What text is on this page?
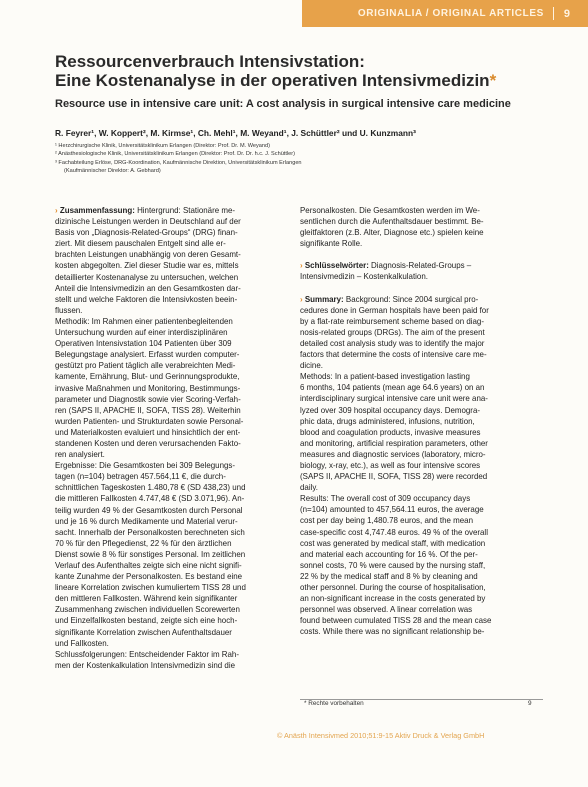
ORIGINALIA / ORIGINAL ARTICLES 9
Ressourcenverbrauch Intensivstation:
Eine Kostenanalyse in der operativen Intensivmedizin*
Resource use in intensive care unit: A cost analysis in surgical intensive care medicine
R. Feyrer¹, W. Koppert², M. Kirmse¹, Ch. Mehl¹, M. Weyand¹, J. Schüttler² und U. Kunzmann³
¹ Herzchirurgische Klinik, Universitätsklinikum Erlangen (Direktor: Prof. Dr. M. Weyand)
² Anästhesiologische Klinik, Universitätsklinikum Erlangen (Direktor: Prof. Dr. Dr. h.c. J. Schüttler)
³ Fachabteilung Erlöse, DRG-Koordination, Kaufmännische Direktion, Universitätsklinikum Erlangen
(Kaufmännischer Direktor: A. Gebhard)
› Zusammenfassung: Hintergrund: Stationäre me-
dizinische Leistungen werden in Deutschland auf der
Basis von „Diagnosis-Related-Groups“ (DRG) finan-
ziert. Mit diesem pauschalen Entgelt sind alle er-
brachten Leistungen unabhängig von deren Gesamt-
kosten abgegolten. Ziel dieser Studie war es, mittels
detaillierter Kostenanalyse zu untersuchen, welchen
Anteil die Intensivmedizin an den Gesamtkosten dar-
stellt und welche Faktoren die Intensivkosten beein-
flussen.
Methodik: Im Rahmen einer patientenbegleitenden
Untersuchung wurden auf einer interdisziplinären
Operativen Intensivstation 104 Patienten über 309
Belegungstage analysiert. Erfasst wurden computer-
gestützt pro Patient täglich alle verabreichten Medi-
kamente, Ernährung, Blut- und Gerinnungsprodukte,
invasive Maßnahmen und Monitoring, Bestimmungs-
parameter und Diagnostik sowie vier Scoring-Verfah-
ren (SAPS II, APACHE II, SOFA, TISS 28). Weiterhin
wurden Patienten- und Strukturdaten sowie Personal-
und Materialkosten evaluiert und hinsichtlich der ent-
standenen Kosten und deren verursachenden Fakto-
ren analysiert.
Ergebnisse: Die Gesamtkosten bei 309 Belegungs-
tagen (n=104) betragen 457.564,11 €, die durch-
schnittlichen Tageskosten 1.480,78 € (SD 438,23) und
die mittleren Fallkosten 4.747,48 € (SD 3.071,96). An-
teilig wurden 49 % der Gesamtkosten durch Personal
und je 16 % durch Medikamente und Material verur-
sacht. Innerhalb der Personalkosten berechneten sich
70 % für den Pflegedienst, 22 % für den ärztlichen
Dienst sowie 8 % für sonstiges Personal. Im zeitlichen
Verlauf des Aufenthaltes zeigte sich eine nicht signifi-
kante Zunahme der Personalkosten. Es bestand eine
lineare Korrelation zwischen kumuliertem TISS 28 und
den mittleren Fallkosten. Während kein signifikanter
Zusammenhang zwischen individuellen Scorewerten
und Einzelfallkosten bestand, zeigte sich eine hoch-
signifikante Korrelation zwischen Aufenthaltsdauer
und Fallkosten.
Schlussfolgerungen: Entscheidender Faktor im Rah-
men der Kostenkalkulation Intensivmedizin sind die
Personalkosten. Die Gesamtkosten werden im We-
sentlichen durch die Aufenthaltsdauer bestimmt. Be-
gleitfaktoren (z.B. Alter, Diagnose etc.) spielen keine
signifikante Rolle.
› Schlüsselwörter: Diagnosis-Related-Groups –
Intensivmedizin – Kostenkalkulation.
› Summary: Background: Since 2004 surgical pro-
cedures done in German hospitals have been paid for
by a flat-rate reimbursement scheme based on diag-
nosis-related groups (DRGs). The aim of the present
detailed cost analysis study was to identify the major
factors that determine the costs of intensive care me-
dicine.
Methods: In a patient-based investigation lasting
6 months, 104 patients (mean age 64.6 years) on an
interdisciplinary surgical intensive care unit were ana-
lyzed over 309 hospital occupancy days. Demogra-
phic data, drugs administered, infusions, nutrition,
blood and coagulation products, invasive measures
and monitoring, artificial respiration parameters, other
measures and diagnostic services (laboratory, micro-
biology, x-ray, etc.), as well as four intensive scores
(SAPS II, APACHE II, SOFA, TISS 28) were recorded
daily.
Results: The overall cost of 309 occupancy days
(n=104) amounted to 457,564.11 euros, the average
cost per day being 1,480.78 euros, and the mean
case-specific cost 4,747.48 euros. 49 % of the overall
cost was generated by medical staff, with medication
and material each accounting for 16 %. Of the per-
sonnel costs, 70 % were caused by the nursing staff,
22 % by the medical staff and 8 % by cleaning and
other personnel. During the course of hospitalisation,
an non-significant increase in the costs generated by
personnel was observed. A linear correlation was
found between cumulated TISS 28 and the mean case
costs. While there was no significant relationship be-
* Rechte vorbehalten	9
© Anästh Intensivmed 2010;51:9-15 Aktiv Druck & Verlag GmbH
